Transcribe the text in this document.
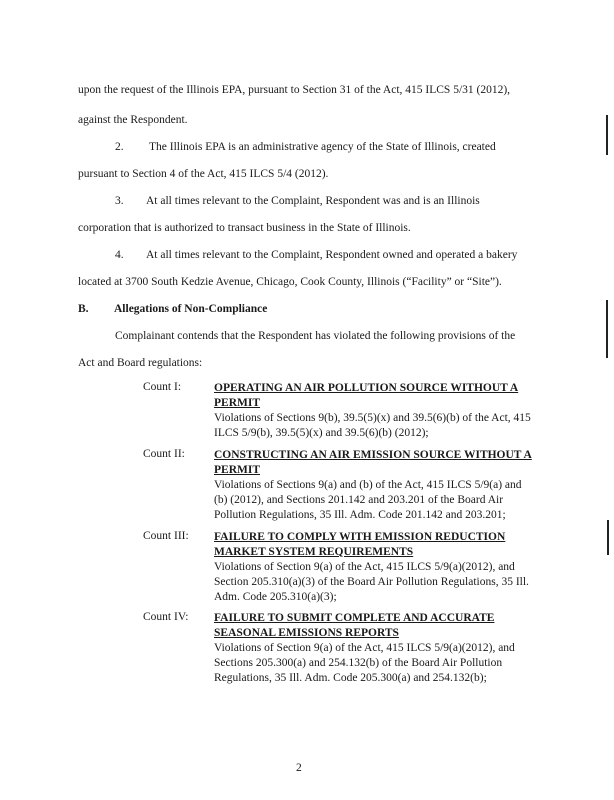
upon the request of the Illinois EPA, pursuant to Section 31 of the Act, 415 ILCS 5/31 (2012),
against the Respondent.
2. The Illinois EPA is an administrative agency of the State of Illinois, created
pursuant to Section 4 of the Act, 415 ILCS 5/4 (2012).
3. At all times relevant to the Complaint, Respondent was and is an Illinois
corporation that is authorized to transact business in the State of Illinois.
4. At all times relevant to the Complaint, Respondent owned and operated a bakery
located at 3700 South Kedzie Avenue, Chicago, Cook County, Illinois (“Facility” or “Site”).
B. Allegations of Non-Compliance
Complainant contends that the Respondent has violated the following provisions of the
Act and Board regulations:
Count I:	OPERATING AN AIR POLLUTION SOURCE WITHOUT A PERMIT
Violations of Sections 9(b), 39.5(5)(x) and 39.5(6)(b) of the Act, 415 ILCS 5/9(b), 39.5(5)(x) and 39.5(6)(b) (2012);
Count II:	CONSTRUCTING AN AIR EMISSION SOURCE WITHOUT A PERMIT
Violations of Sections 9(a) and (b) of the Act, 415 ILCS 5/9(a) and (b) (2012), and Sections 201.142 and 203.201 of the Board Air Pollution Regulations, 35 Ill. Adm. Code 201.142 and 203.201;
Count III: FAILURE TO COMPLY WITH EMISSION REDUCTION MARKET SYSTEM REQUIREMENTS
Violations of Section 9(a) of the Act, 415 ILCS 5/9(a)(2012), and Section 205.310(a)(3) of the Board Air Pollution Regulations, 35 Ill. Adm. Code 205.310(a)(3);
Count IV: FAILURE TO SUBMIT COMPLETE AND ACCURATE SEASONAL EMISSIONS REPORTS
Violations of Section 9(a) of the Act, 415 ILCS 5/9(a)(2012), and Sections 205.300(a) and 254.132(b) of the Board Air Pollution Regulations, 35 Ill. Adm. Code 205.300(a) and 254.132(b);
2
